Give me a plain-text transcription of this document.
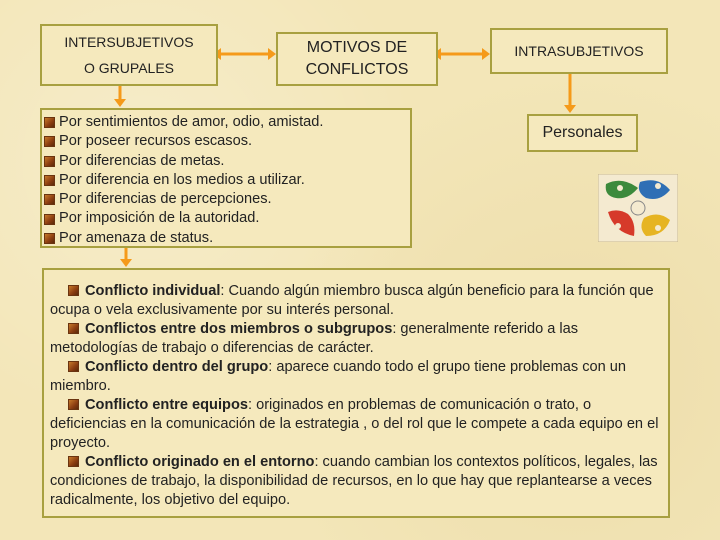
INTERSUBJETIVOS
O GRUPALES
MOTIVOS DE
CONFLICTOS
INTRASUBJETIVOS
Personales
Por sentimientos de amor, odio, amistad.
Por poseer recursos escasos.
Por diferencias de metas.
Por diferencia en los medios a utilizar.
Por diferencias de percepciones.
Por imposición de la autoridad.
Por amenaza de status.

Conflicto individual: Cuando algún miembro busca algún beneficio para la función que ocupa o vela exclusivamente por su interés personal.

Conflictos entre dos miembros o subgrupos: generalmente referido a las metodologías de trabajo o diferencias de carácter.

Conflicto dentro del grupo: aparece cuando todo el grupo tiene problemas con un miembro.

Conflicto entre equipos: originados en problemas de comunicación o trato, o deficiencias en la comunicación de la estrategia , o del rol que le compete a cada equipo en el proyecto.

Conflicto originado en el entorno: cuando cambian los contextos políticos, legales, las condiciones de trabajo, la disponibilidad de recursos, en lo que hay que replantearse a veces radicalmente, los objetivo del equipo.
